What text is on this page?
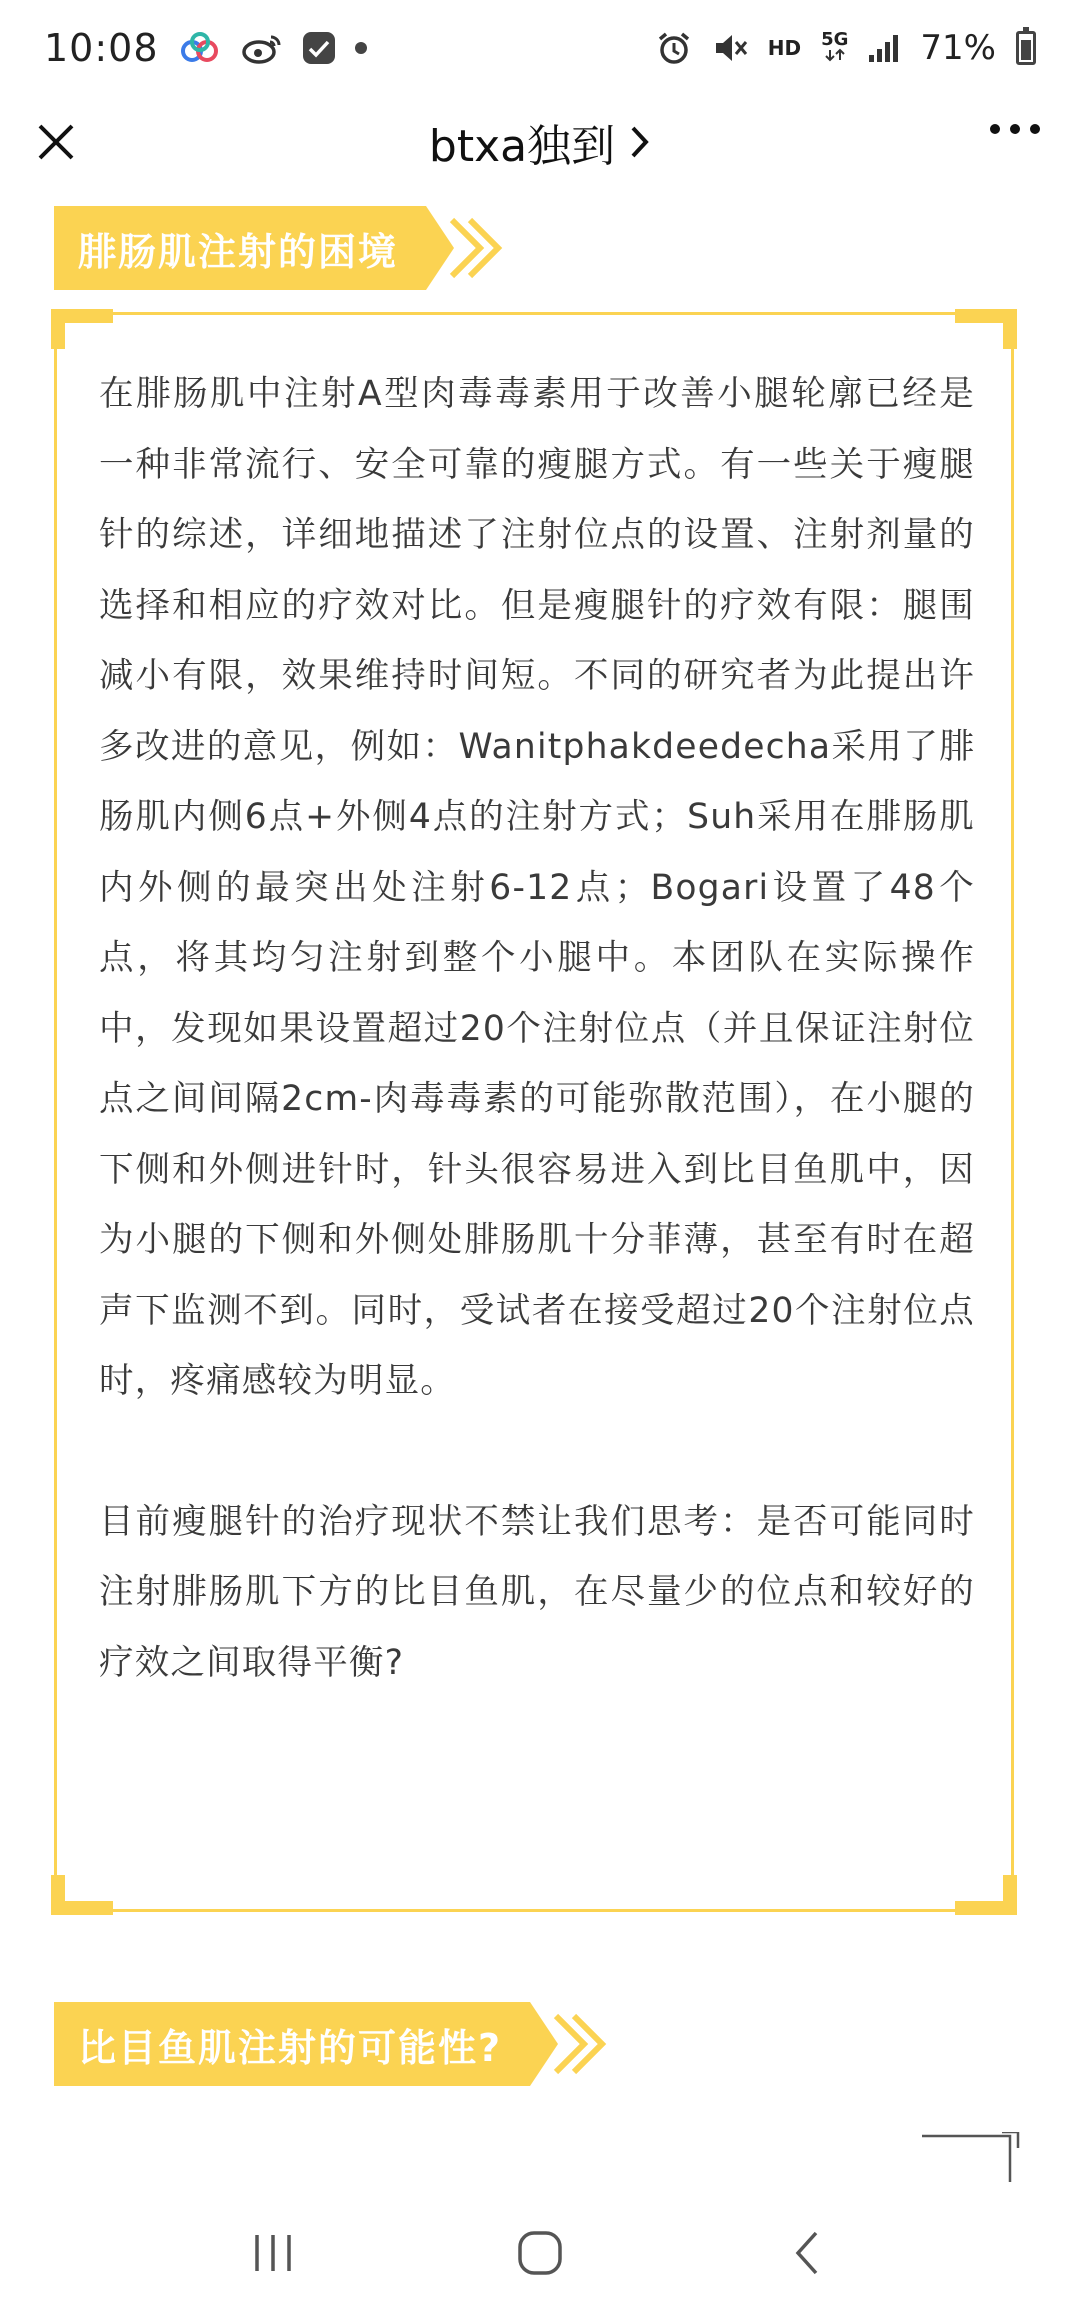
10:08	HD 5G 71%
btxa独到
腓肠肌注射的困境

在腓肠肌中注射A型肉毒毒素用于改善小腿轮廓已经是一种非常流行、安全可靠的瘦腿方式。有一些关于瘦腿针的综述，详细地描述了注射位点的设置、注射剂量的选择和相应的疗效对比。但是瘦腿针的疗效有限：腿围减小有限，效果维持时间短。不同的研究者为此提出许多改进的意见，例如：Wanitphakdeedecha采用了腓肠肌内侧6点+外侧4点的注射方式；Suh采用在腓肠肌内外侧的最突出处注射6-12点；Bogari设置了48个点，将其均匀注射到整个小腿中。本团队在实际操作中，发现如果设置超过20个注射位点（并且保证注射位点之间间隔2cm-肉毒毒素的可能弥散范围），在小腿的下侧和外侧进针时，针头很容易进入到比目鱼肌中，因为小腿的下侧和外侧处腓肠肌十分菲薄，甚至有时在超声下监测不到。同时，受试者在接受超过20个注射位点时，疼痛感较为明显。

目前瘦腿针的治疗现状不禁让我们思考：是否可能同时注射腓肠肌下方的比目鱼肌，在尽量少的位点和较好的疗效之间取得平衡?

比目鱼肌注射的可能性?
